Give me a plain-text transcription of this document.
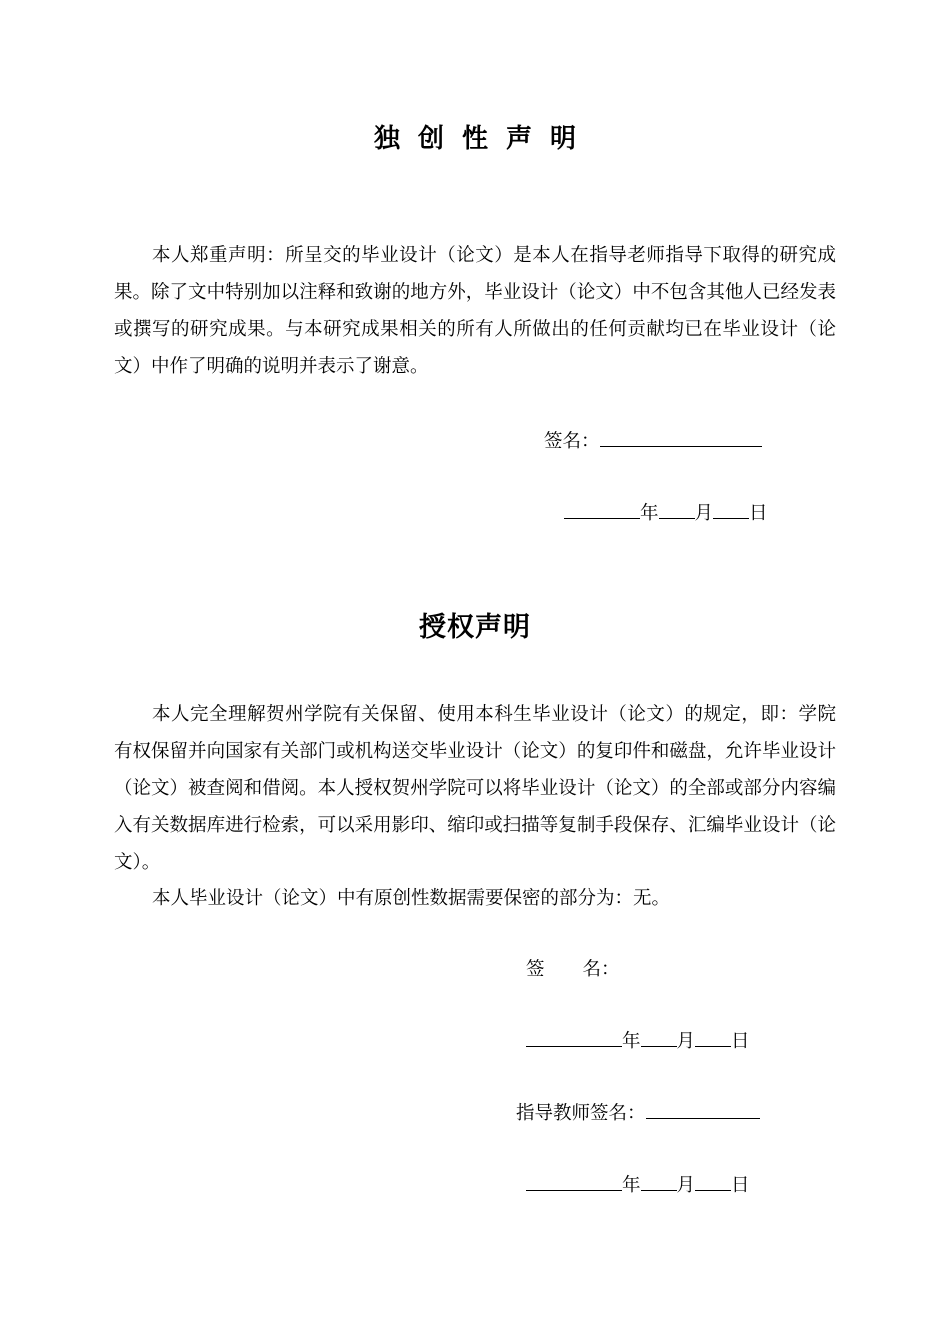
独创性声明
本人郑重声明：所呈交的毕业设计（论文）是本人在指导老师指导下取得的研究成果。除了文中特别加以注释和致谢的地方外，毕业设计（论文）中不包含其他人已经发表或撰写的研究成果。与本研究成果相关的所有人所做出的任何贡献均已在毕业设计（论文）中作了明确的说明并表示了谢意。
签名：
年 月 日
授权声明
本人完全理解贺州学院有关保留、使用本科生毕业设计（论文）的规定，即：学院有权保留并向国家有关部门或机构送交毕业设计（论文）的复印件和磁盘，允许毕业设计（论文）被查阅和借阅。本人授权贺州学院可以将毕业设计（论文）的全部或部分内容编入有关数据库进行检索，可以采用影印、缩印或扫描等复制手段保存、汇编毕业设计（论文）。
本人毕业设计（论文）中有原创性数据需要保密的部分为：无。
签 名：
年 月 日
指导教师签名：
年 月 日
